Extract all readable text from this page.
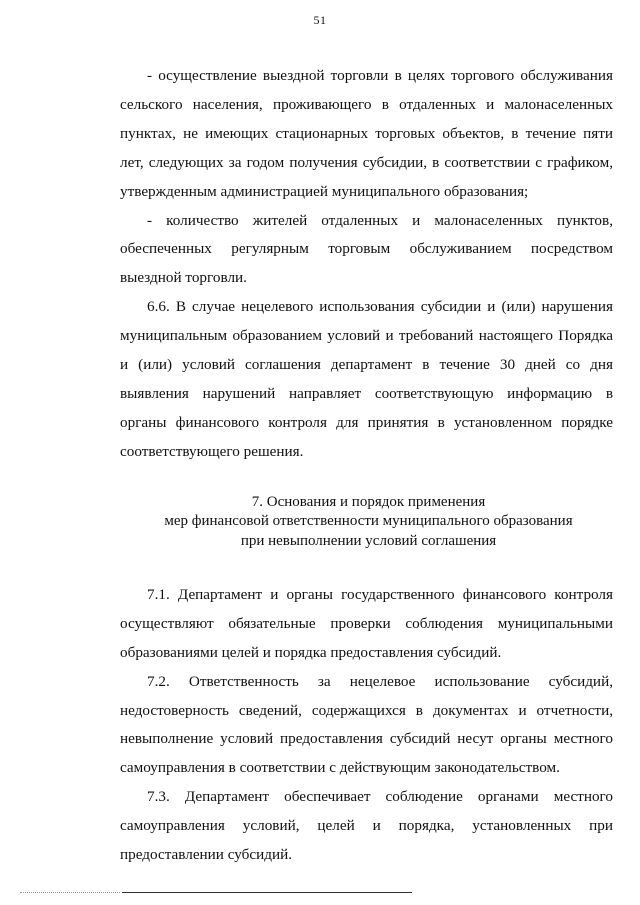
51

- осуществление выездной торговли в целях торгового обслуживания сельского населения, проживающего в отдаленных и малонаселенных пунктах, не имеющих стационарных торговых объектов, в течение пяти лет, следующих за годом получения субсидии, в соответствии с графиком, утвержденным администрацией муниципального образования;

- количество жителей отдаленных и малонаселенных пунктов, обеспеченных регулярным торговым обслуживанием посредством выездной торговли.

6.6. В случае нецелевого использования субсидии и (или) нарушения муниципальным образованием условий и требований настоящего Порядка и (или) условий соглашения департамент в течение 30 дней со дня выявления нарушений направляет соответствующую информацию в органы финансового контроля для принятия в установленном порядке соответствующего решения.

7. Основания и порядок применения
мер финансовой ответственности муниципального образования
при невыполнении условий соглашения

7.1. Департамент и органы государственного финансового контроля осуществляют обязательные проверки соблюдения муниципальными образованиями целей и порядка предоставления субсидий.

7.2. Ответственность за нецелевое использование субсидий, недостоверность сведений, содержащихся в документах и отчетности, невыполнение условий предоставления субсидий несут органы местного самоуправления в соответствии с действующим законодательством.

7.3. Департамент обеспечивает соблюдение органами местного самоуправления условий, целей и порядка, установленных при предоставлении субсидий.
